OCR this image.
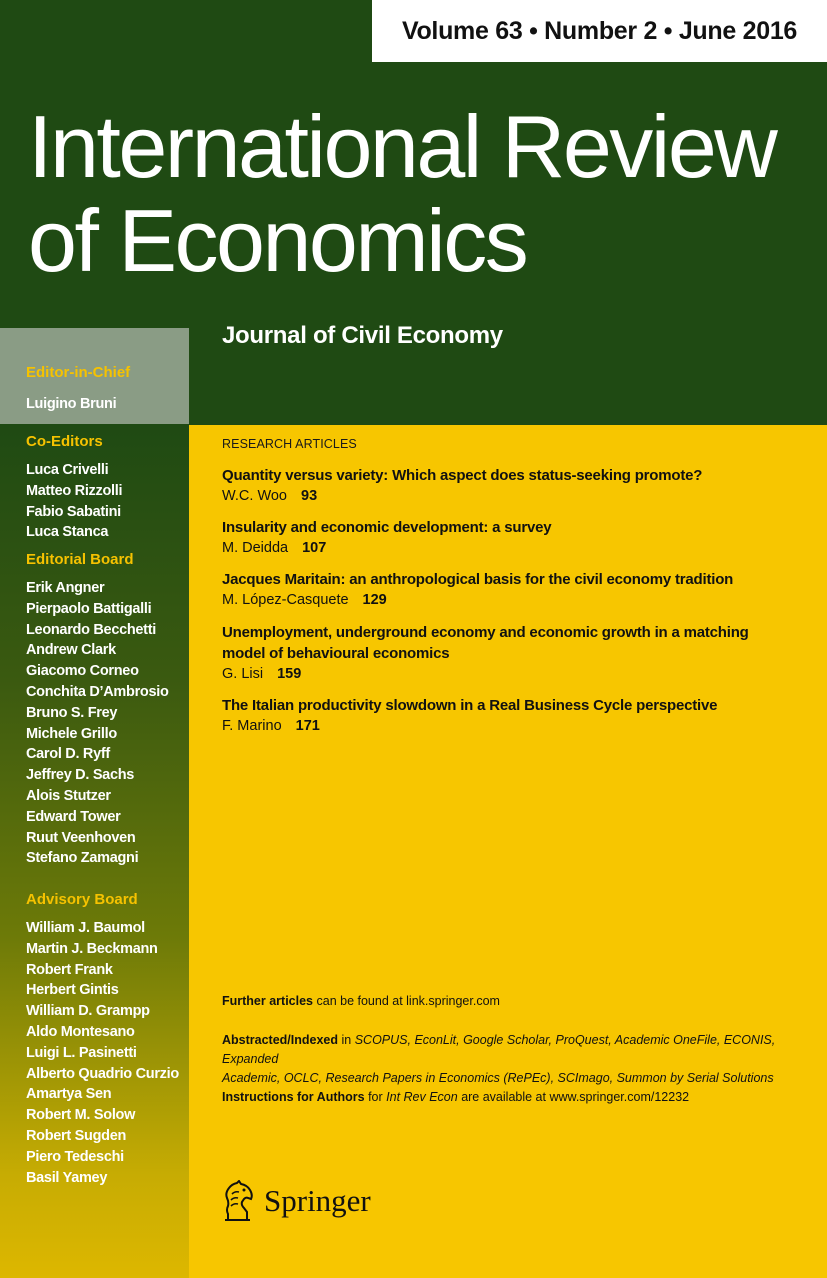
Volume 63 • Number 2 • June 2016
International Review
of Economics
Journal of Civil Economy
Editor-in-Chief
Luigino Bruni
Co-Editors
Luca Crivelli
Matteo Rizzolli
Fabio Sabatini
Luca Stanca
Editorial Board
Erik Angner
Pierpaolo Battigalli
Leonardo Becchetti
Andrew Clark
Giacomo Corneo
Conchita D’Ambrosio
Bruno S. Frey
Michele Grillo
Carol D. Ryff
Jeffrey D. Sachs
Alois Stutzer
Edward Tower
Ruut Veenhoven
Stefano Zamagni
Advisory Board
William J. Baumol
Martin J. Beckmann
Robert Frank
Herbert Gintis
William D. Grampp
Aldo Montesano
Luigi L. Pasinetti
Alberto Quadrio Curzio
Amartya Sen
Robert M. Solow
Robert Sugden
Piero Tedeschi
Basil Yamey
RESEARCH ARTICLES
Quantity versus variety: Which aspect does status-seeking promote?
W.C. Woo 93
Insularity and economic development: a survey
M. Deidda 107
Jacques Maritain: an anthropological basis for the civil economy tradition
M. López-Casquete 129
Unemployment, underground economy and economic growth in a matching
model of behavioural economics
G. Lisi 159
The Italian productivity slowdown in a Real Business Cycle perspective
F. Marino 171
Further articles can be found at link.springer.com
Abstracted/Indexed in SCOPUS, EconLit, Google Scholar, ProQuest, Academic OneFile, ECONIS, Expanded
Academic, OCLC, Research Papers in Economics (RePEc), SCImago, Summon by Serial Solutions
Instructions for Authors for Int Rev Econ are available at www.springer.com/12232
Springer
